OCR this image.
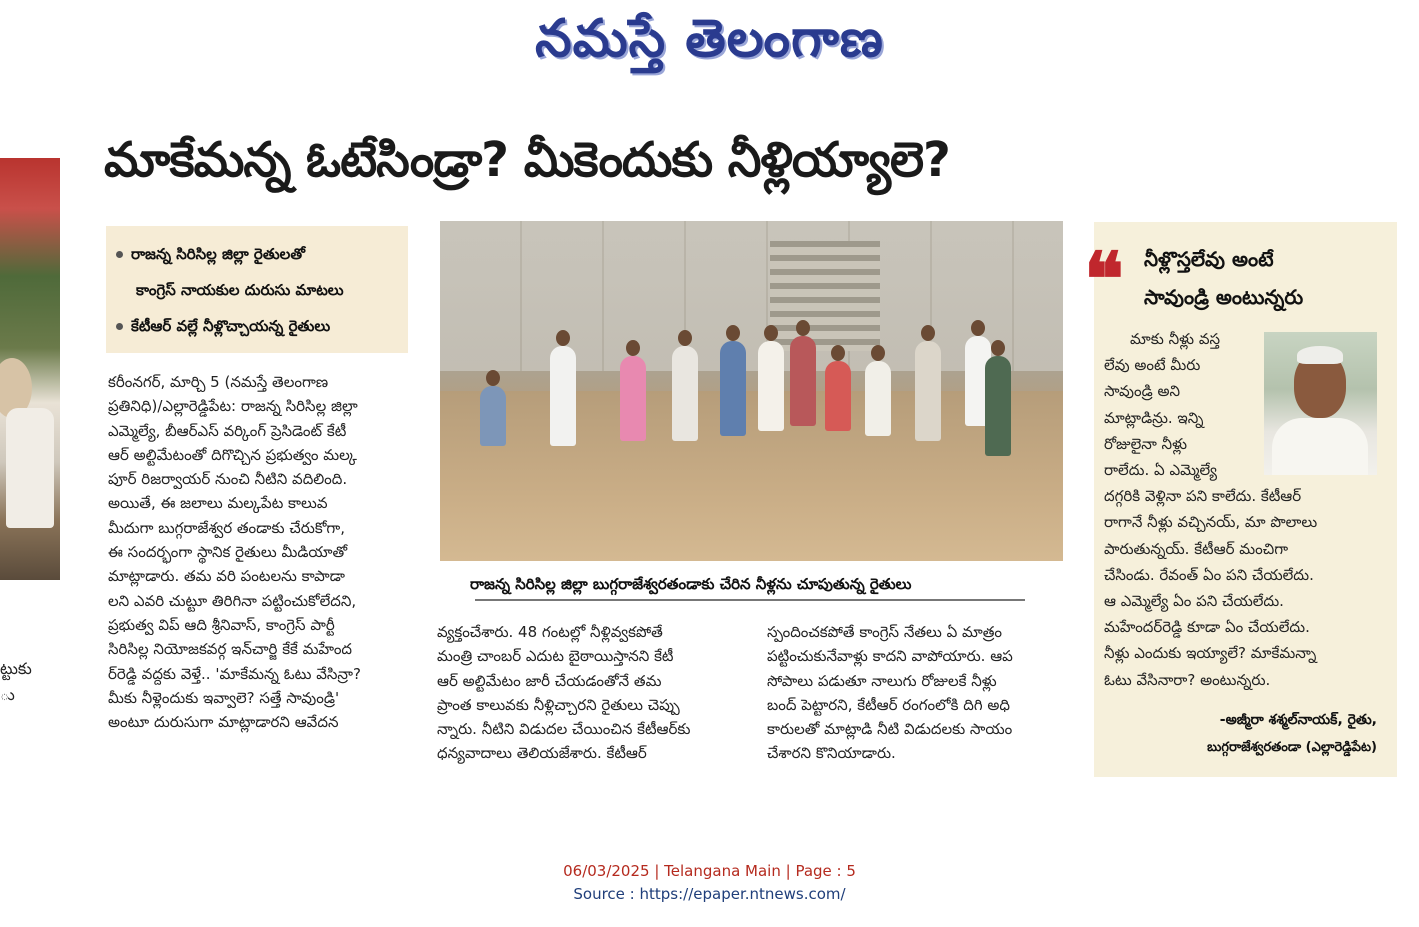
నమస్తే తెలంగాణ
మాకేమన్న ఓటేసిండ్రా? మీకెందుకు నీళ్లియ్యాలె?
ట్టుకు
ు
రాజన్న సిరిసిల్ల జిల్లా రైతులతో
కాంగ్రెస్ నాయకుల దురుసు మాటలు
కేటీఆర్ వల్లే నీళ్లొచ్చాయన్న రైతులు

కరీంనగర్, మార్చి 5 (నమస్తే తెలంగాణ

ప్రతినిధి)/ఎల్లారెడ్డిపేట: రాజన్న సిరిసిల్ల జిల్లా

ఎమ్మెల్యే, బీఆర్ఎస్ వర్కింగ్ ప్రెసిడెంట్ కేటీ

ఆర్ అల్టిమేటంతో దిగొచ్చిన ప్రభుత్వం మల్క

పూర్ రిజర్వాయర్ నుంచి నీటిని వదిలింది.

అయితే, ఈ జలాలు మల్కపేట కాలువ

మీదుగా బుగ్గరాజేశ్వర తండాకు చేరుకోగా,

ఈ సందర్భంగా స్థానిక రైతులు మీడియాతో

మాట్లాడారు. తమ వరి పంటలను కాపాడా

లని ఎవరి చుట్టూ తిరిగినా పట్టించుకోలేదని,

ప్రభుత్వ విప్ ఆది శ్రీనివాస్, కాంగ్రెస్ పార్టీ

సిరిసిల్ల నియోజకవర్గ ఇన్‌చార్జి కేకే మహేంద

ర్‌రెడ్డి వద్దకు వెళ్తే.. 'మాకేమన్న ఓటు వేసిన్రా?

మీకు నీళ్లెందుకు ఇవ్వాలె? సత్తే సావుండ్రి'

అంటూ దురుసుగా మాట్లాడారని ఆవేదన

రాజన్న సిరిసిల్ల జిల్లా బుగ్గరాజేశ్వరతండాకు చేరిన నీళ్లను చూపుతున్న రైతులు

వ్యక్తంచేశారు. 48 గంటల్లో నీళ్లివ్వకపోతే

మంత్రి చాంబర్ ఎదుట బైఠాయిస్తానని కేటీ

ఆర్ అల్టిమేటం జారీ చేయడంతోనే తమ

ప్రాంత కాలువకు నీళ్లిచ్చారని రైతులు చెప్పు

న్నారు. నీటిని విడుదల చేయించిన కేటీఆర్‌కు

ధన్యవాదాలు తెలియజేశారు. కేటీఆర్

స్పందించకపోతే కాంగ్రెస్ నేతలు ఏ మాత్రం

పట్టించుకునేవాళ్లు కాదని వాపోయారు. ఆప

సోపాలు పడుతూ నాలుగు రోజులకే నీళ్లు

బంద్ పెట్టారని, కేటీఆర్ రంగంలోకి దిగి అధి

కారులతో మాట్లాడి నీటి విడుదలకు సాయం

చేశారని కొనియాడారు.

❝ నీళ్లొస్తలేవు అంటే
సావుండ్రి అంటున్నరు
మాకు నీళ్లు వస్త
లేవు అంటే మీరు
సావుండ్రి అని
మాట్లాడిన్రు. ఇన్ని
రోజులైనా నీళ్లు
రాలేదు. ఏ ఎమ్మెల్యే
దగ్గరికి వెళ్లినా పని కాలేదు. కేటీఆర్
రాగానే నీళ్లు వచ్చినయ్, మా పొలాలు
పారుతున్నయ్. కేటీఆర్ మంచిగా
చేసిండు. రేవంత్ ఏం పని చేయలేదు.
ఆ ఎమ్మెల్యే ఏం పని చేయలేదు.
మహేందర్‌రెడ్డి కూడా ఏం చేయలేదు.
నీళ్లు ఎందుకు ఇయ్యాలే? మాకేమన్నా
ఓటు వేసినారా? అంటున్నరు.
-అజ్మీరా శశ్మల్‌నాయక్, రైతు,
బుగ్గరాజేశ్వరతండా (ఎల్లారెడ్డిపేట)
06/03/2025 | Telangana Main | Page : 5
Source : https://epaper.ntnews.com/
